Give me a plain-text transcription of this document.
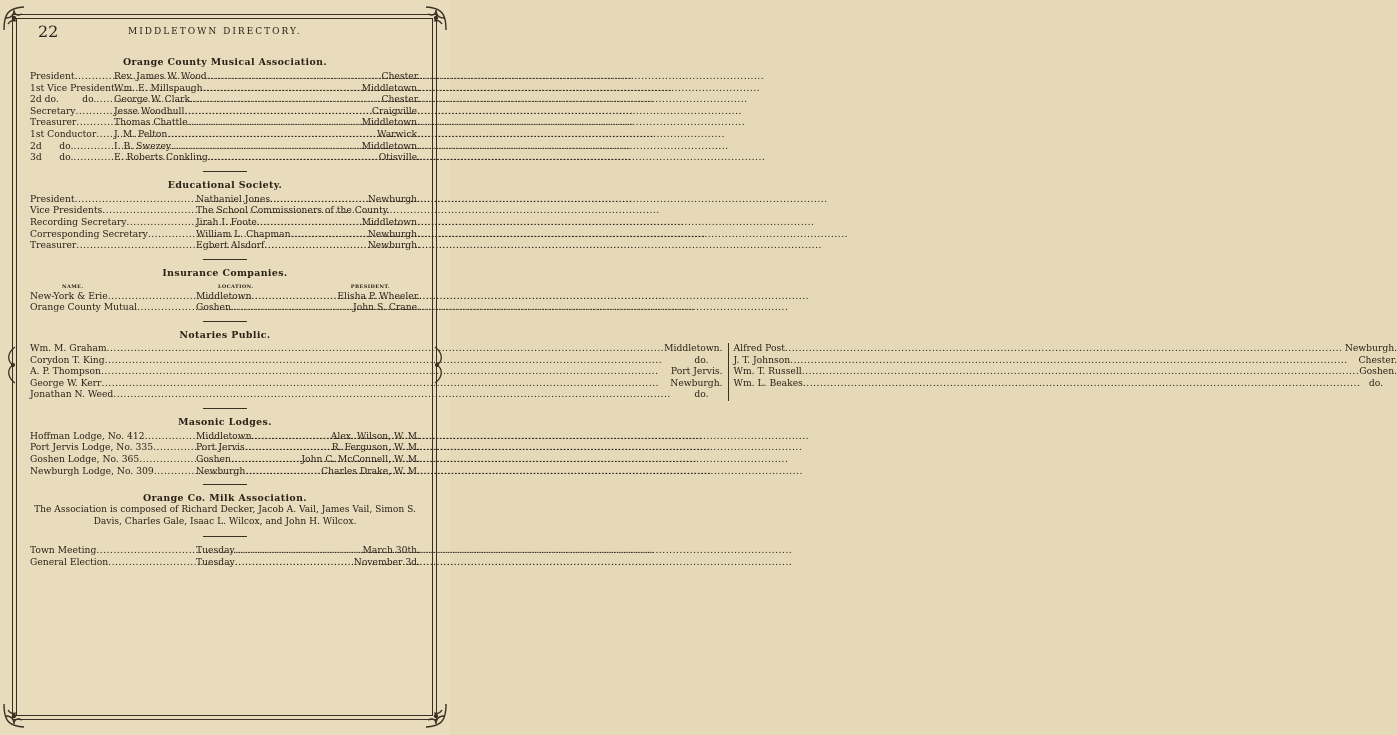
22	MIDDLETOWN DIRECTORY.
Orange County Musical Association.
President .....	Rev. James W. Wood .....	Chester.
1st Vice President ..... Wm. E. Millspaugh .....	Middletown.
2d do.        do. ..... George W. Clark .....	Chester.
Secretary .....	Jesse Woodhull .....	Craigville.
Treasurer .....	Thomas Chattle .....	Middletown.
1st Conductor ..... J. M. Pelton .....	Warwick.
2d      do. .....	I. B. Swezey .....	Middletown.
3d      do. .....	E. Roberts Conkling .....	Otisville.
Educational Society.
President .....	Nathaniel Jones .....	Newburgh.
Vice Presidents .....	The School Commissioners of the County.
Recording Secretary .....	Jirah I. Foote .....	Middletown.
Corresponding Secretary .....	William L. Chapman .....	Newburgh.
Treasurer .....	Egbert Alsdorf .....	Newburgh.
Insurance Companies.
NAME.	LOCATION.	PRESIDENT.
New-York & Erie .....	Middletown .....	Elisha P. Wheeler.
Orange County Mutual .....	Goshen .....	John S. Crane.
Notaries Public.
Wm. M. Graham .....	Middletown.
Corydon T. King .....	do.
A. P. Thompson .....	Port Jervis.
George W. Kerr .....	Newburgh.
Jonathan N. Weed .....	do.
Alfred Post .....	Newburgh.
J. T. Johnson .....	Chester.
Wm. T. Russell .....	Goshen.
Wm. L. Beakes .....	do.
Masonic Lodges.
Hoffman Lodge, No. 412 .....	Middletown .....	Alex. Wilson, W. M.
Port Jervis Lodge, No. 335 .....	Port Jervis .....	R. Ferguson, W. M.
Goshen Lodge, No. 365 .....	Goshen .....	John C. McConnell, W. M.
Newburgh Lodge, No. 309 .....	Newburgh .....	Charles Drake, W. M.
Orange Co. Milk Association.
The Association is composed of Richard Decker, Jacob A. Vail, James Vail, Simon S. Davis, Charles Gale, Isaac L. Wilcox, and John H. Wilcox.
Town Meeting .....	Tuesday .....	March 30th.
General Election .....	Tuesday .....	November 3d.
